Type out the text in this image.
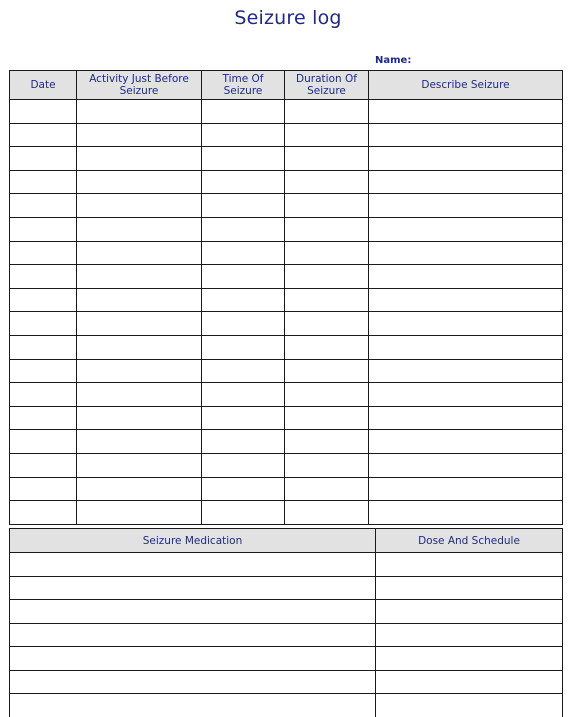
Seizure log
Name:
Date	Activity Just Before Seizure	Time Of Seizure	Duration Of Seizure	Describe Seizure

Seizure Medication	Dose And Schedule
